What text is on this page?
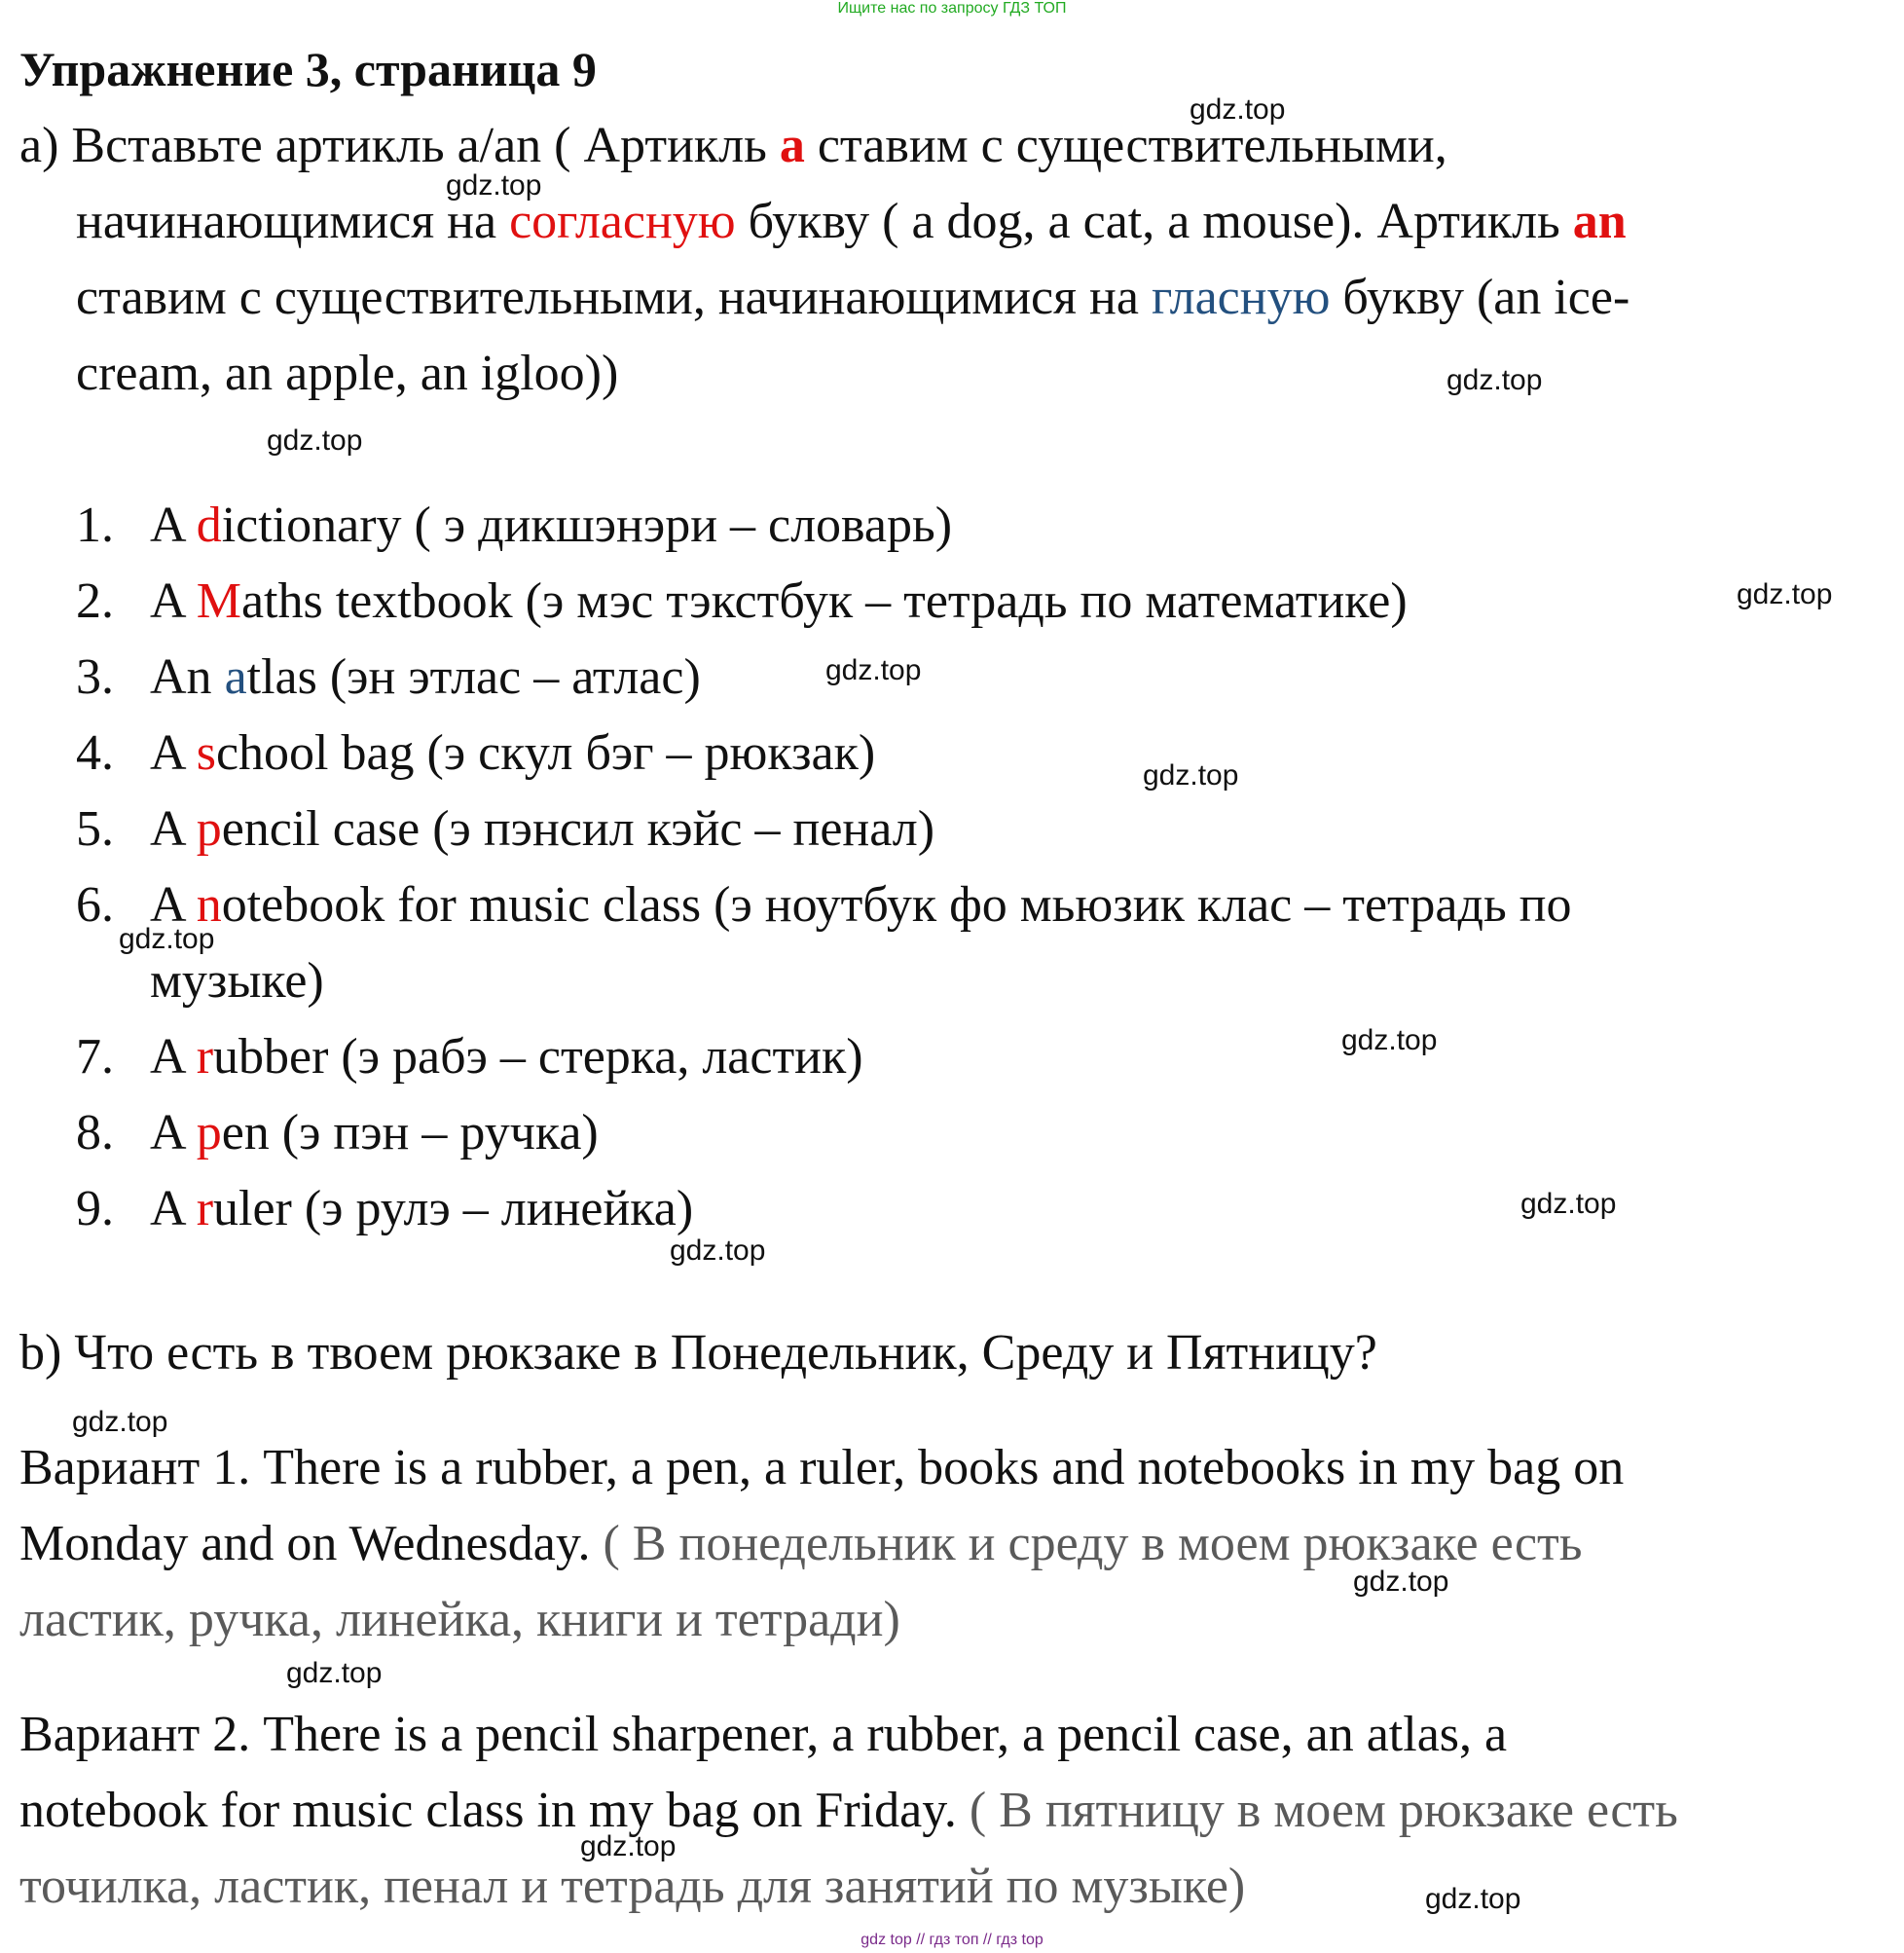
Ищите нас по запросу ГДЗ ТОП
Упражнение 3, страница 9
a) Вставьте артикль a/an ( Артикль a ставим с существительными,
начинающимися на согласную букву ( a dog, a cat, a mouse). Артикль an
ставим с существительными, начинающимися на гласную букву (an ice-
cream, an apple, an igloo))
1. A dictionary ( э дикшэнэри – словарь)
2. A Maths textbook (э мэс тэкстбук – тетрадь по математике)
3. An atlas (эн этлас – атлас)
4. A school bag (э скул бэг – рюкзак)
5. A pencil case (э пэнсил кэйс – пенал)
6. A notebook for music class (э ноутбук фо мьюзик клас – тетрадь по
музыке)
7. A rubber (э рабэ – стерка, ластик)
8. A pen (э пэн – ручка)
9. A ruler (э рулэ – линейка)
b) Что есть в твоем рюкзаке в Понедельник, Среду и Пятницу?
Вариант 1. There is a rubber, a pen, a ruler, books and notebooks in my bag on
Monday and on Wednesday. ( В понедельник и среду в моем рюкзаке есть
ластик, ручка, линейка, книги и тетради)
Вариант 2. There is a pencil sharpener, a rubber, a pencil case, an atlas, a
notebook for music class in my bag on Friday. ( В пятницу в моем рюкзаке есть
точилка, ластик, пенал и тетрадь для занятий по музыке)
gdz.top
gdz.top
gdz.top
gdz.top
gdz.top
gdz.top
gdz.top
gdz.top
gdz.top
gdz.top
gdz.top
gdz.top
gdz.top
gdz.top
gdz.top
gdz.top
gdz top // гдз топ // гдз top
